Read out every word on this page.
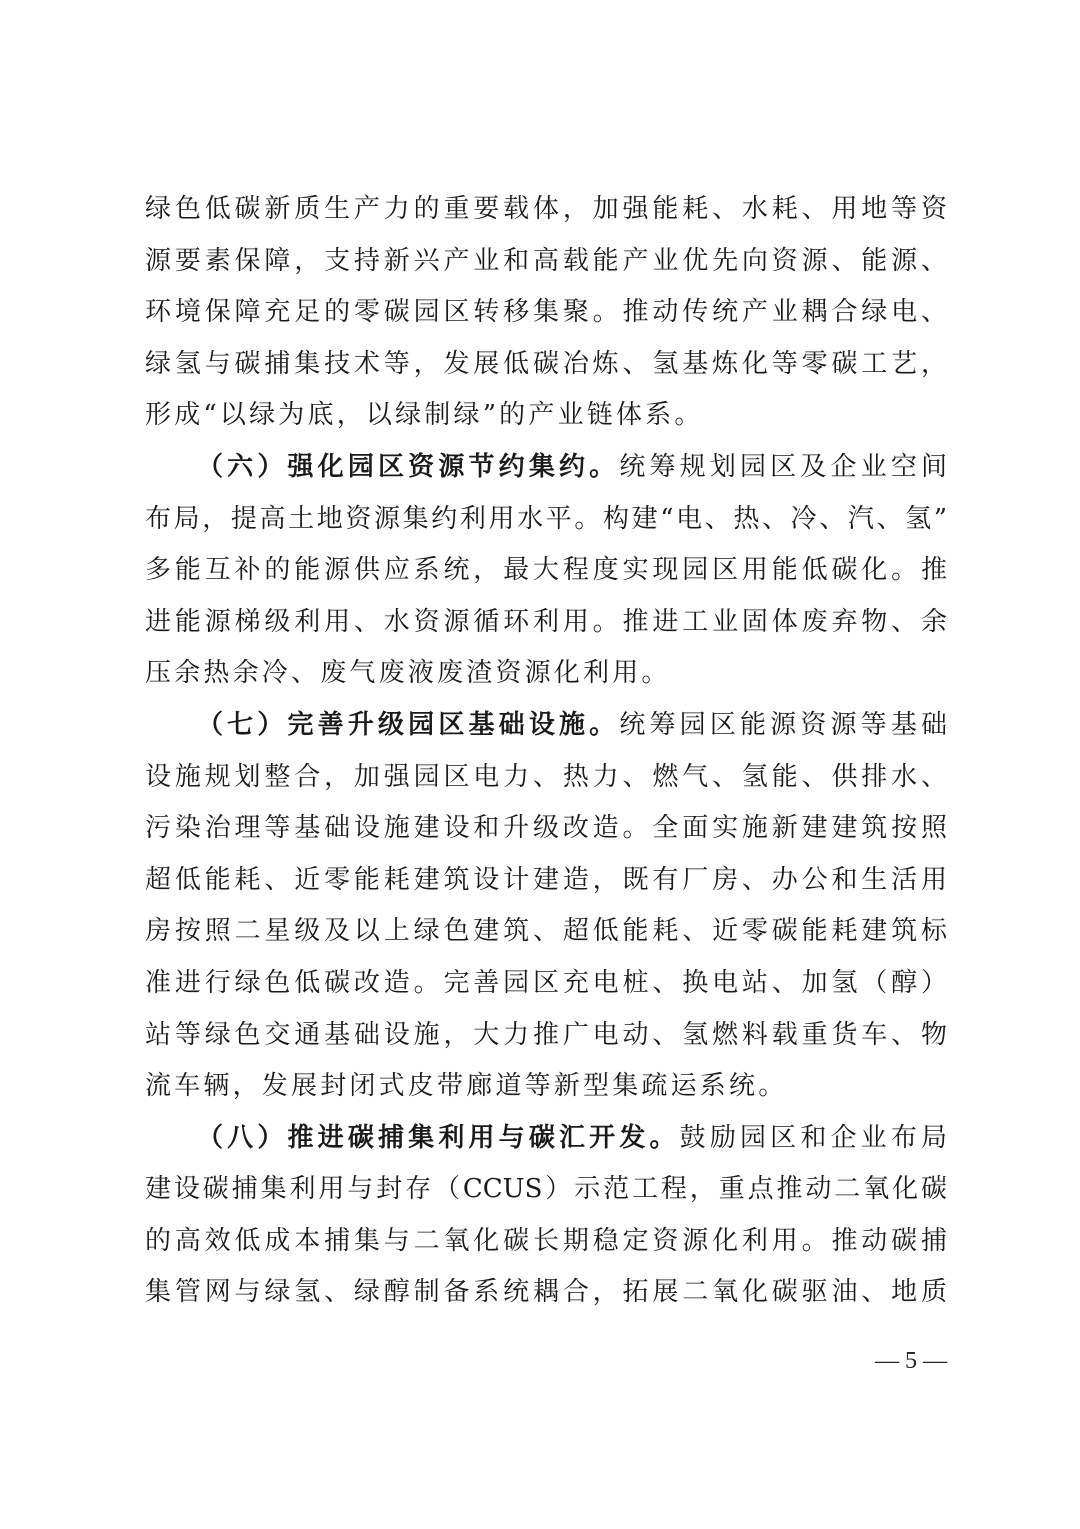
绿色低碳新质生产力的重要载体，加强能耗、水耗、用地等资
源要素保障，支持新兴产业和高载能产业优先向资源、能源、
环境保障充足的零碳园区转移集聚。推动传统产业耦合绿电、
绿氢与碳捕集技术等，发展低碳冶炼、氢基炼化等零碳工艺，
形成“以绿为底，以绿制绿”的产业链体系。
（六）强化园区资源节约集约。统筹规划园区及企业空间
布局，提高土地资源集约利用水平。构建“电、热、冷、汽、氢”
多能互补的能源供应系统，最大程度实现园区用能低碳化。推
进能源梯级利用、水资源循环利用。推进工业固体废弃物、余
压余热余冷、废气废液废渣资源化利用。
（七）完善升级园区基础设施。统筹园区能源资源等基础
设施规划整合，加强园区电力、热力、燃气、氢能、供排水、
污染治理等基础设施建设和升级改造。全面实施新建建筑按照
超低能耗、近零能耗建筑设计建造，既有厂房、办公和生活用
房按照二星级及以上绿色建筑、超低能耗、近零碳能耗建筑标
准进行绿色低碳改造。完善园区充电桩、换电站、加氢（醇）
站等绿色交通基础设施，大力推广电动、氢燃料载重货车、物
流车辆，发展封闭式皮带廊道等新型集疏运系统。
（八）推进碳捕集利用与碳汇开发。鼓励园区和企业布局
建设碳捕集利用与封存（CCUS）示范工程，重点推动二氧化碳
的高效低成本捕集与二氧化碳长期稳定资源化利用。推动碳捕
集管网与绿氢、绿醇制备系统耦合，拓展二氧化碳驱油、地质
— 5 —
